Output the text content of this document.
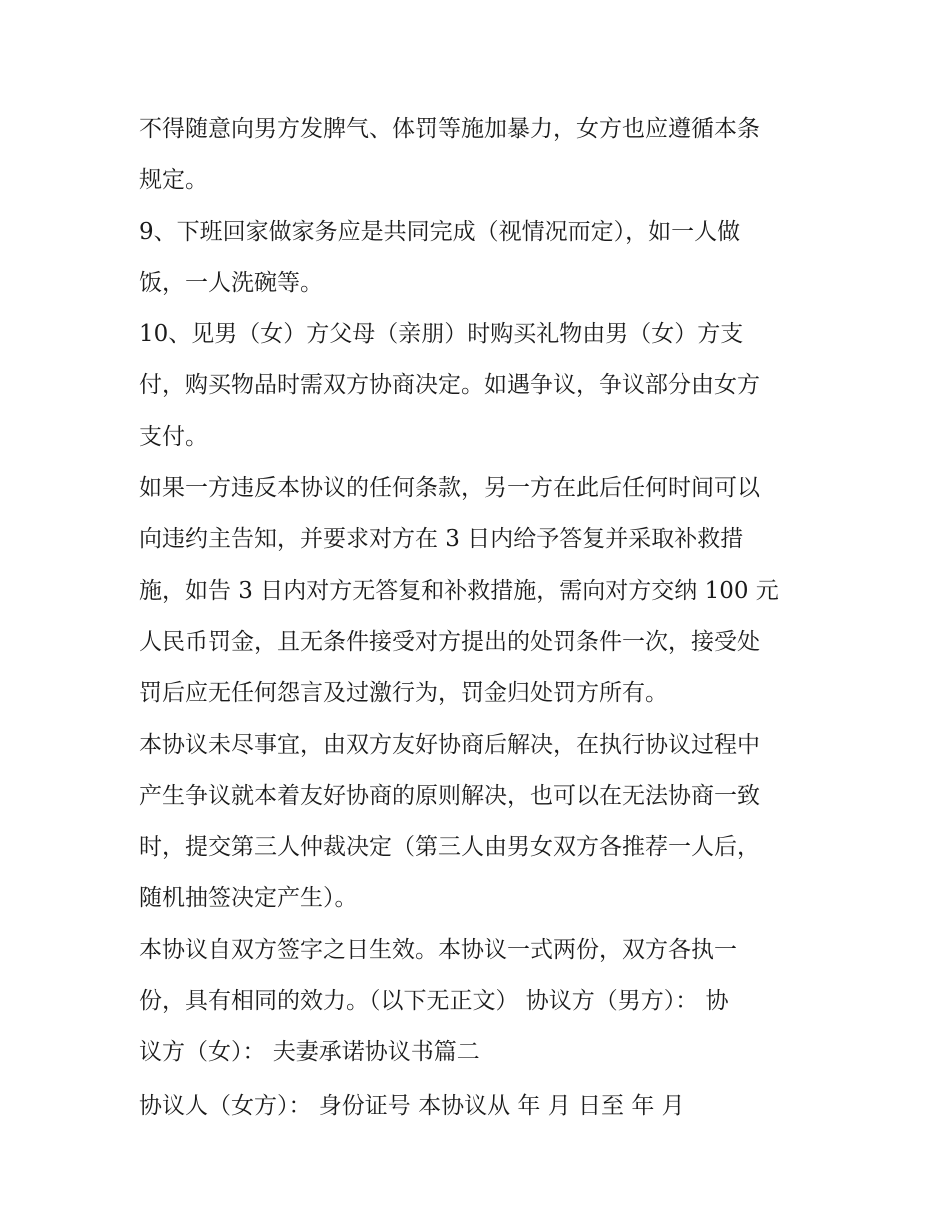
不得随意向男方发脾气、体罚等施加暴力，女方也应遵循本条
规定。
9、下班回家做家务应是共同完成（视情况而定），如一人做
饭，一人洗碗等。
10、见男（女）方父母（亲朋）时购买礼物由男（女）方支
付，购买物品时需双方协商决定。如遇争议，争议部分由女方
支付。
如果一方违反本协议的任何条款，另一方在此后任何时间可以
向违约主告知，并要求对方在 3 日内给予答复并采取补救措
施，如告 3 日内对方无答复和补救措施，需向对方交纳 100 元
人民币罚金，且无条件接受对方提出的处罚条件一次，接受处
罚后应无任何怨言及过激行为，罚金归处罚方所有。
本协议未尽事宜，由双方友好协商后解决，在执行协议过程中
产生争议就本着友好协商的原则解决，也可以在无法协商一致
时，提交第三人仲裁决定（第三人由男女双方各推荐一人后，
随机抽签决定产生）。
本协议自双方签字之日生效。本协议一式两份，双方各执一
份，具有相同的效力。（以下无正文） 协议方（男方）： 协
议方（女）： 夫妻承诺协议书篇二
协议人（女方）： 身份证号 本协议从 年 月 日至 年 月
